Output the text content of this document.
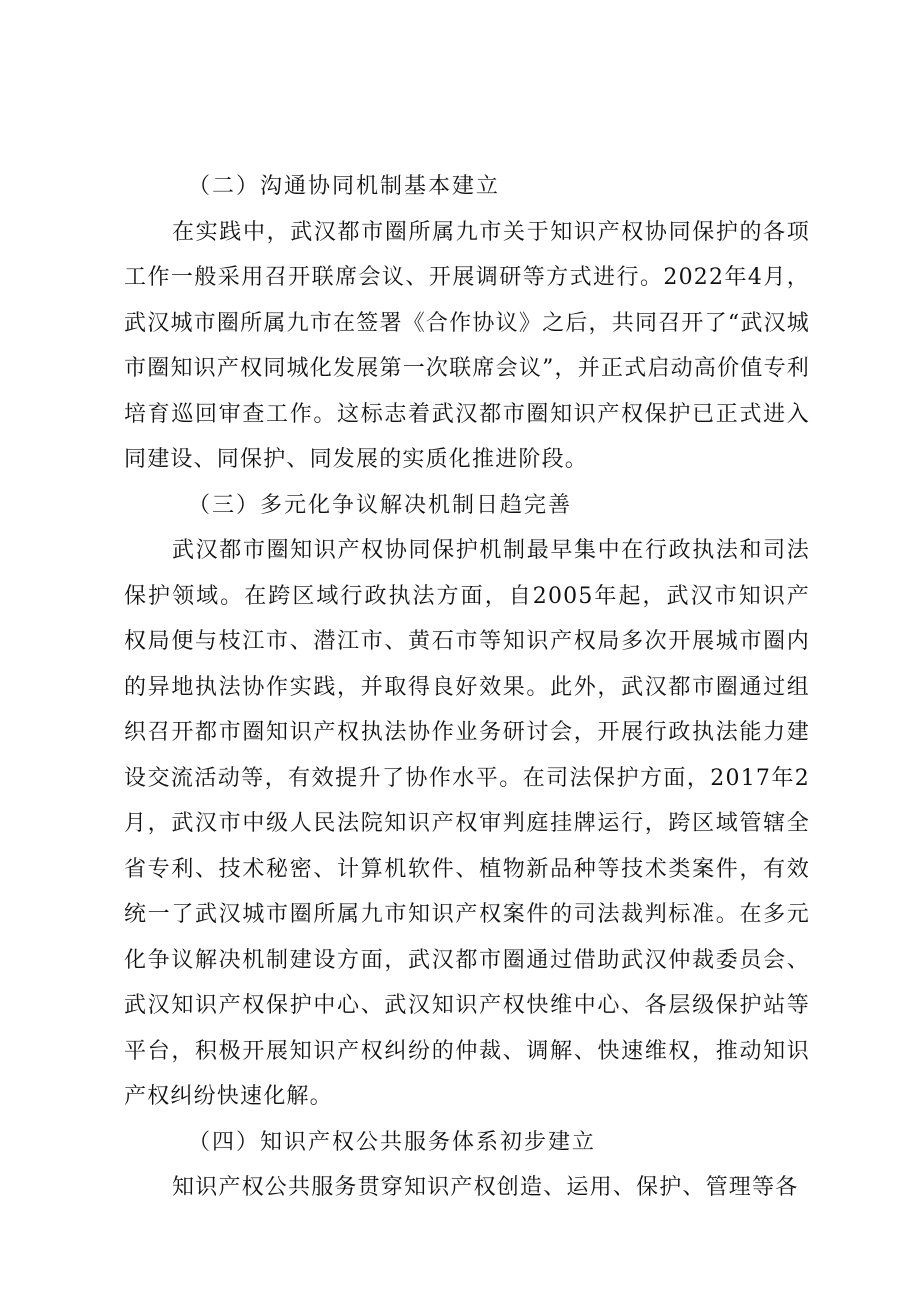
（二）沟通协同机制基本建立

在实践中，武汉都市圈所属九市关于知识产权协同保护的各项工作一般采用召开联席会议、开展调研等方式进行。2022年4月，武汉城市圈所属九市在签署《合作协议》之后，共同召开了“武汉城市圈知识产权同城化发展第一次联席会议”，并正式启动高价值专利培育巡回审查工作。这标志着武汉都市圈知识产权保护已正式进入同建设、同保护、同发展的实质化推进阶段。

（三）多元化争议解决机制日趋完善

武汉都市圈知识产权协同保护机制最早集中在行政执法和司法保护领域。在跨区域行政执法方面，自2005年起，武汉市知识产权局便与枝江市、潜江市、黄石市等知识产权局多次开展城市圈内的异地执法协作实践，并取得良好效果。此外，武汉都市圈通过组织召开都市圈知识产权执法协作业务研讨会，开展行政执法能力建设交流活动等，有效提升了协作水平。在司法保护方面，2017年2月，武汉市中级人民法院知识产权审判庭挂牌运行，跨区域管辖全省专利、技术秘密、计算机软件、植物新品种等技术类案件，有效统一了武汉城市圈所属九市知识产权案件的司法裁判标准。在多元化争议解决机制建设方面，武汉都市圈通过借助武汉仲裁委员会、武汉知识产权保护中心、武汉知识产权快维中心、各层级保护站等平台，积极开展知识产权纠纷的仲裁、调解、快速维权，推动知识产权纠纷快速化解。

（四）知识产权公共服务体系初步建立

知识产权公共服务贯穿知识产权创造、运用、保护、管理等各
